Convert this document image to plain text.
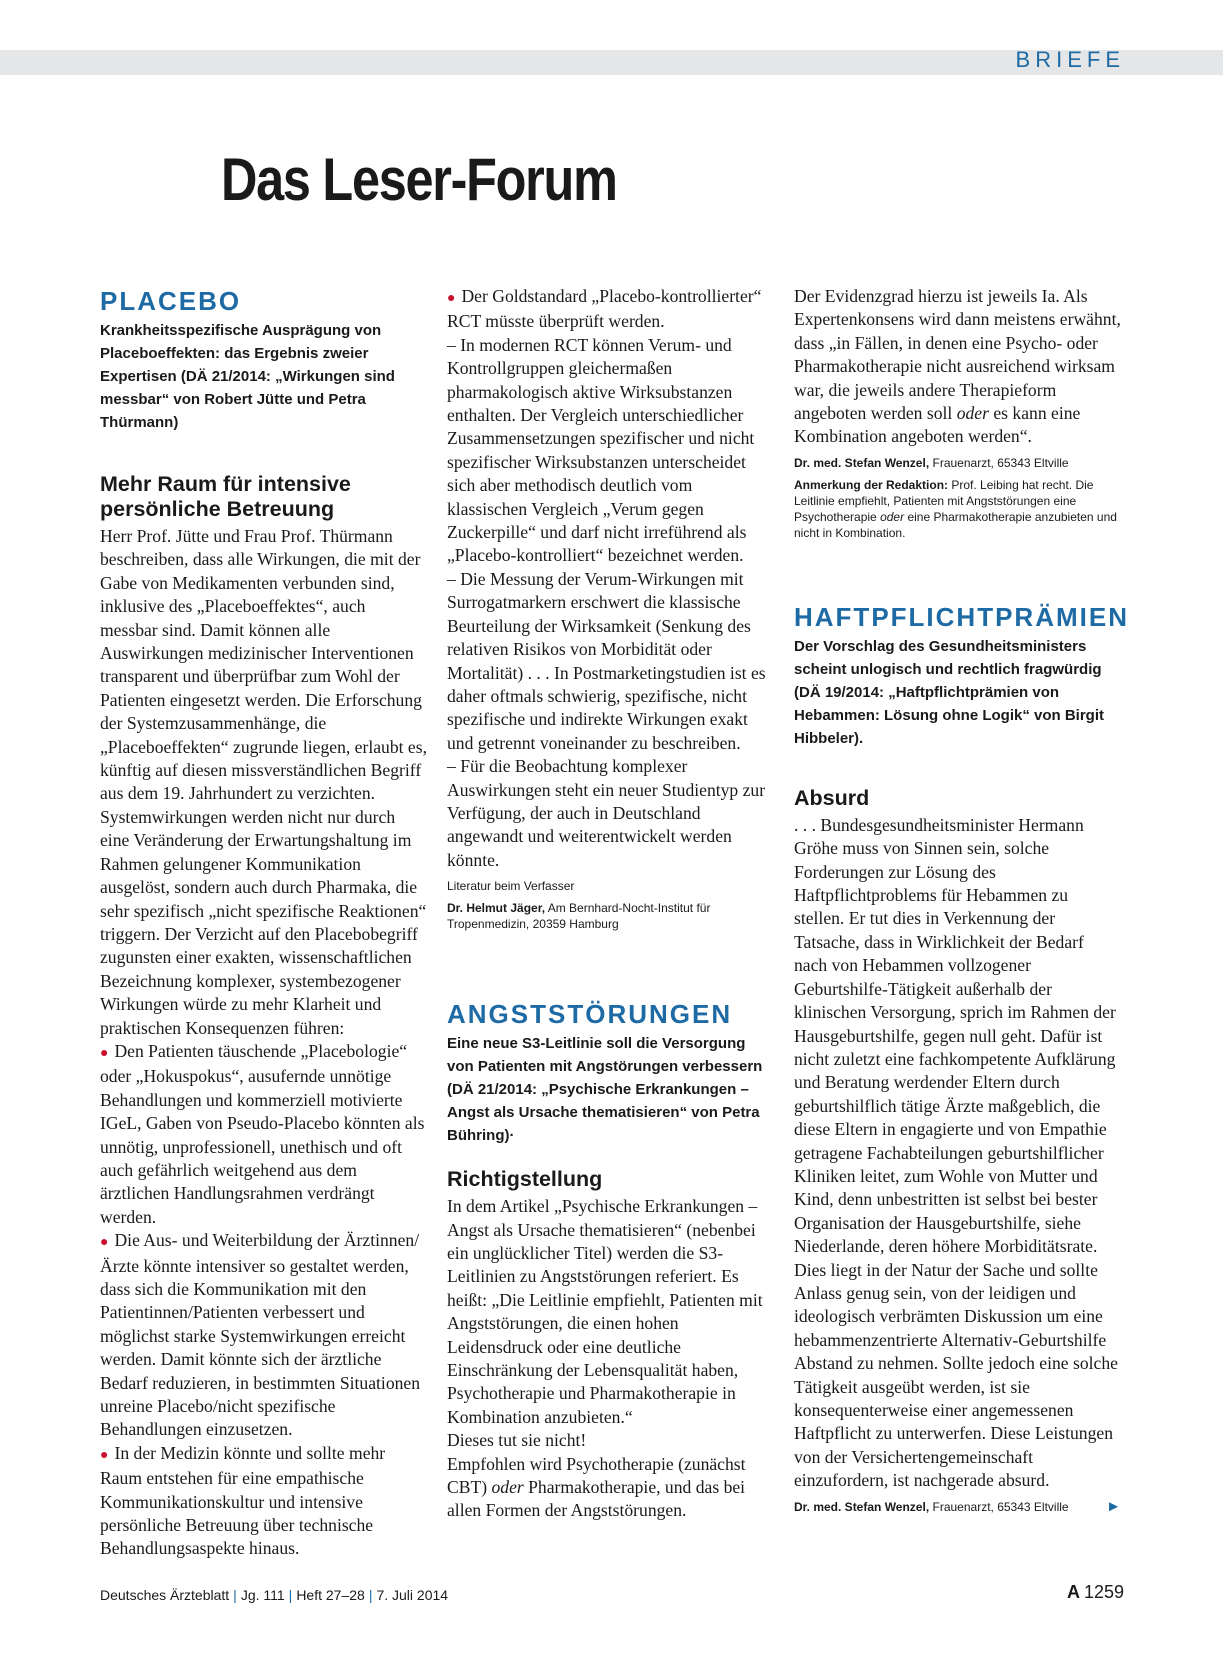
BRIEFE
Das Leser-Forum
PLACEBO

Krankheitsspezifische Ausprägung von Placeboeffekten: das Ergebnis zweier Expertisen (DÄ 21/2014: „Wirkungen sind messbar“ von Robert Jütte und Petra Thürmann)

Mehr Raum für intensive persönliche Betreuung

Herr Prof. Jütte und Frau Prof. Thürmann beschreiben, dass alle Wirkungen, die mit der Gabe von Medikamenten verbunden sind, inklusive des „Placeboeffektes“, auch messbar sind. Damit können alle Auswirkungen medizinischer Interventionen transparent und überprüfbar zum Wohl der Patienten eingesetzt werden. Die Erforschung der Systemzusammenhänge, die „Placeboeffekten“ zugrunde liegen, erlaubt es, künftig auf diesen missverständlichen Begriff aus dem 19. Jahrhundert zu verzichten. Systemwirkungen werden nicht nur durch eine Veränderung der Erwartungshaltung im Rahmen gelungener Kommunikation ausgelöst, sondern auch durch Pharmaka, die sehr spezifisch „nicht spezifische Reaktionen“ triggern. Der Verzicht auf den Placebobegriff zugunsten einer exakten, wissenschaftlichen Bezeichnung komplexer, systembezogener Wirkungen würde zu mehr Klarheit und praktischen Konsequenzen führen:

● Den Patienten täuschende „Placebologie“ oder „Hokuspokus“, ausufernde unnötige Behandlungen und kommerziell motivierte IGeL, Gaben von Pseudo-Placebo könnten als unnötig, unprofessionell, unethisch und oft auch gefährlich weitgehend aus dem ärztlichen Handlungsrahmen verdrängt werden.

● Die Aus- und Weiterbildung der Ärztinnen/Ärzte könnte intensiver so gestaltet werden, dass sich die Kommunikation mit den Patientinnen/Patienten verbessert und möglichst starke Systemwirkungen erreicht werden. Damit könnte sich der ärztliche Bedarf reduzieren, in bestimmten Situationen unreine Placebo/nicht spezifische Behandlungen einzusetzen.

● In der Medizin könnte und sollte mehr Raum entstehen für eine empathische Kommunikationskultur und intensive persönliche Betreuung über technische Behandlungsaspekte hinaus.

● Der Goldstandard „Placebo-kontrollierter“ RCT müsste überprüft werden.

– In modernen RCT können Verum- und Kontrollgruppen gleichermaßen pharmakologisch aktive Wirksubstanzen enthalten. Der Vergleich unterschiedlicher Zusammensetzungen spezifischer und nicht spezifischer Wirksubstanzen unterscheidet sich aber methodisch deutlich vom klassischen Vergleich „Verum gegen Zuckerpille“ und darf nicht irreführend als „Placebo-kontrolliert“ bezeichnet werden.

– Die Messung der Verum-Wirkungen mit Surrogatmarkern erschwert die klassische Beurteilung der Wirksamkeit (Senkung des relativen Risikos von Morbidität oder Mortalität) . . . In Postmarketingstudien ist es daher oftmals schwierig, spezifische, nicht spezifische und indirekte Wirkungen exakt und getrennt voneinander zu beschreiben.

– Für die Beobachtung komplexer Auswirkungen steht ein neuer Studientyp zur Verfügung, der auch in Deutschland angewandt und weiterentwickelt werden könnte.

Literatur beim Verfasser

Dr. Helmut Jäger, Am Bernhard-Nocht-Institut für Tropenmedizin, 20359 Hamburg

ANGSTSTÖRUNGEN

Eine neue S3-Leitlinie soll die Versorgung von Patienten mit Angstörungen verbessern (DÄ 21/2014: „Psychische Erkrankungen – Angst als Ursache thematisieren“ von Petra Bühring)·

Richtigstellung

In dem Artikel „Psychische Erkrankungen – Angst als Ursache thematisieren“ (nebenbei ein unglücklicher Titel) werden die S3-Leitlinien zu Angststörungen referiert. Es heißt: „Die Leitlinie empfiehlt, Patienten mit Angststörungen, die einen hohen Leidensdruck oder eine deutliche Einschränkung der Lebensqualität haben, Psychotherapie und Pharmakotherapie in Kombination anzubieten.“

Dieses tut sie nicht!

Empfohlen wird Psychotherapie (zunächst CBT) oder Pharmakotherapie, und das bei allen Formen der Angststörungen.

Der Evidenzgrad hierzu ist jeweils Ia. Als Expertenkonsens wird dann meistens erwähnt, dass „in Fällen, in denen eine Psycho- oder Pharmakotherapie nicht ausreichend wirksam war, die jeweils andere Therapieform angeboten werden soll oder es kann eine Kombination angeboten werden“.

Dr. med. Stefan Wenzel, Frauenarzt, 65343 Eltville

Anmerkung der Redaktion: Prof. Leibing hat recht. Die Leitlinie empfiehlt, Patienten mit Angststörungen eine Psychotherapie oder eine Pharmakotherapie anzubieten und nicht in Kombination.

HAFTPFLICHTPRÄMIEN

Der Vorschlag des Gesundheitsministers scheint unlogisch und rechtlich fragwürdig (DÄ 19/2014: „Haftpflichtprämien von Hebammen: Lösung ohne Logik“ von Birgit Hibbeler).

Absurd

. . . Bundesgesundheitsminister Hermann Gröhe muss von Sinnen sein, solche Forderungen zur Lösung des Haftpflichtproblems für Hebammen zu stellen. Er tut dies in Verkennung der Tatsache, dass in Wirklichkeit der Bedarf nach von Hebammen vollzogener Geburtshilfe-Tätigkeit außerhalb der klinischen Versorgung, sprich im Rahmen der Hausgeburtshilfe, gegen null geht. Dafür ist nicht zuletzt eine fachkompetente Aufklärung und Beratung werdender Eltern durch geburtshilflich tätige Ärzte maßgeblich, die diese Eltern in engagierte und von Empathie getragene Fachabteilungen geburtshilflicher Kliniken leitet, zum Wohle von Mutter und Kind, denn unbestritten ist selbst bei bester Organisation der Hausgeburtshilfe, siehe Niederlande, deren höhere Morbiditätsrate. Dies liegt in der Natur der Sache und sollte Anlass genug sein, von der leidigen und ideologisch verbrämten Diskussion um eine hebammenzentrierte Alternativ-Geburtshilfe Abstand zu nehmen. Sollte jedoch eine solche Tätigkeit ausgeübt werden, ist sie konsequenterweise einer angemessenen Haftpflicht zu unterwerfen. Diese Leistungen von der Versichertengemeinschaft einzufordern, ist nachgerade absurd.

Dr. med. Stefan Wenzel, Frauenarzt, 65343 Eltville	►

Deutsches Ärzteblatt | Jg. 111 | Heft 27–28 | 7. Juli 2014	A 1259
